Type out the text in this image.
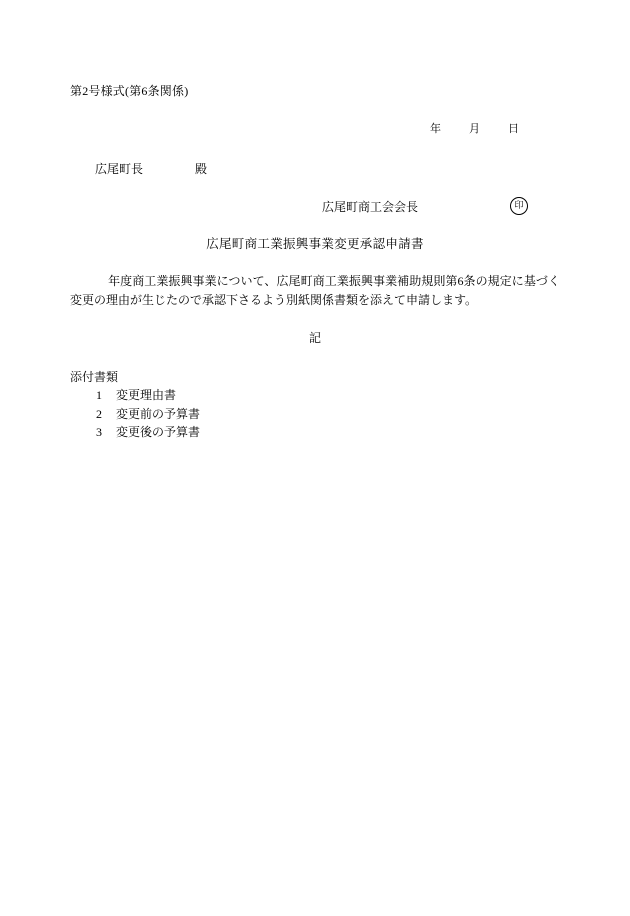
第2号様式(第6条関係)
年	月	日
広尾町長	殿
広尾町商工会会長	印
広尾町商工業振興事業変更承認申請書
年度商工業振興事業について、広尾町商工業振興事業補助規則第6条の規定に基づく変更の理由が生じたので承認下さるよう別紙関係書類を添えて申請します。
記
添付書類
1 変更理由書
2 変更前の予算書
3 変更後の予算書
